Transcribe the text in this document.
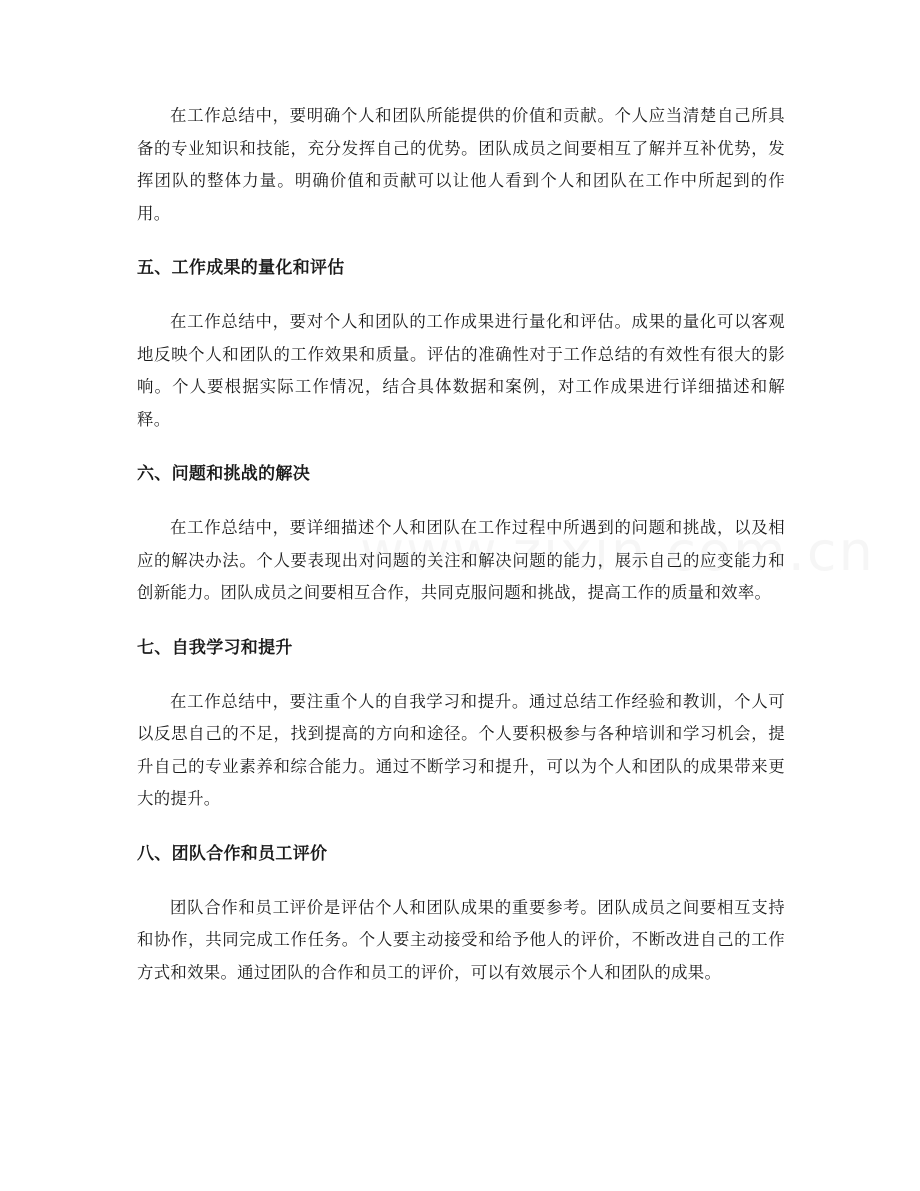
在工作总结中，要明确个人和团队所能提供的价值和贡献。个人应当清楚自己所具备的专业知识和技能，充分发挥自己的优势。团队成员之间要相互了解并互补优势，发挥团队的整体力量。明确价值和贡献可以让他人看到个人和团队在工作中所起到的作用。

五、工作成果的量化和评估

在工作总结中，要对个人和团队的工作成果进行量化和评估。成果的量化可以客观地反映个人和团队的工作效果和质量。评估的准确性对于工作总结的有效性有很大的影响。个人要根据实际工作情况，结合具体数据和案例，对工作成果进行详细描述和解释。

六、问题和挑战的解决

在工作总结中，要详细描述个人和团队在工作过程中所遇到的问题和挑战，以及相应的解决办法。个人要表现出对问题的关注和解决问题的能力，展示自己的应变能力和创新能力。团队成员之间要相互合作，共同克服问题和挑战，提高工作的质量和效率。

七、自我学习和提升

在工作总结中，要注重个人的自我学习和提升。通过总结工作经验和教训，个人可以反思自己的不足，找到提高的方向和途径。个人要积极参与各种培训和学习机会，提升自己的专业素养和综合能力。通过不断学习和提升，可以为个人和团队的成果带来更大的提升。

八、团队合作和员工评价

团队合作和员工评价是评估个人和团队成果的重要参考。团队成员之间要相互支持和协作，共同完成工作任务。个人要主动接受和给予他人的评价，不断改进自己的工作方式和效果。通过团队的合作和员工的评价，可以有效展示个人和团队的成果。
